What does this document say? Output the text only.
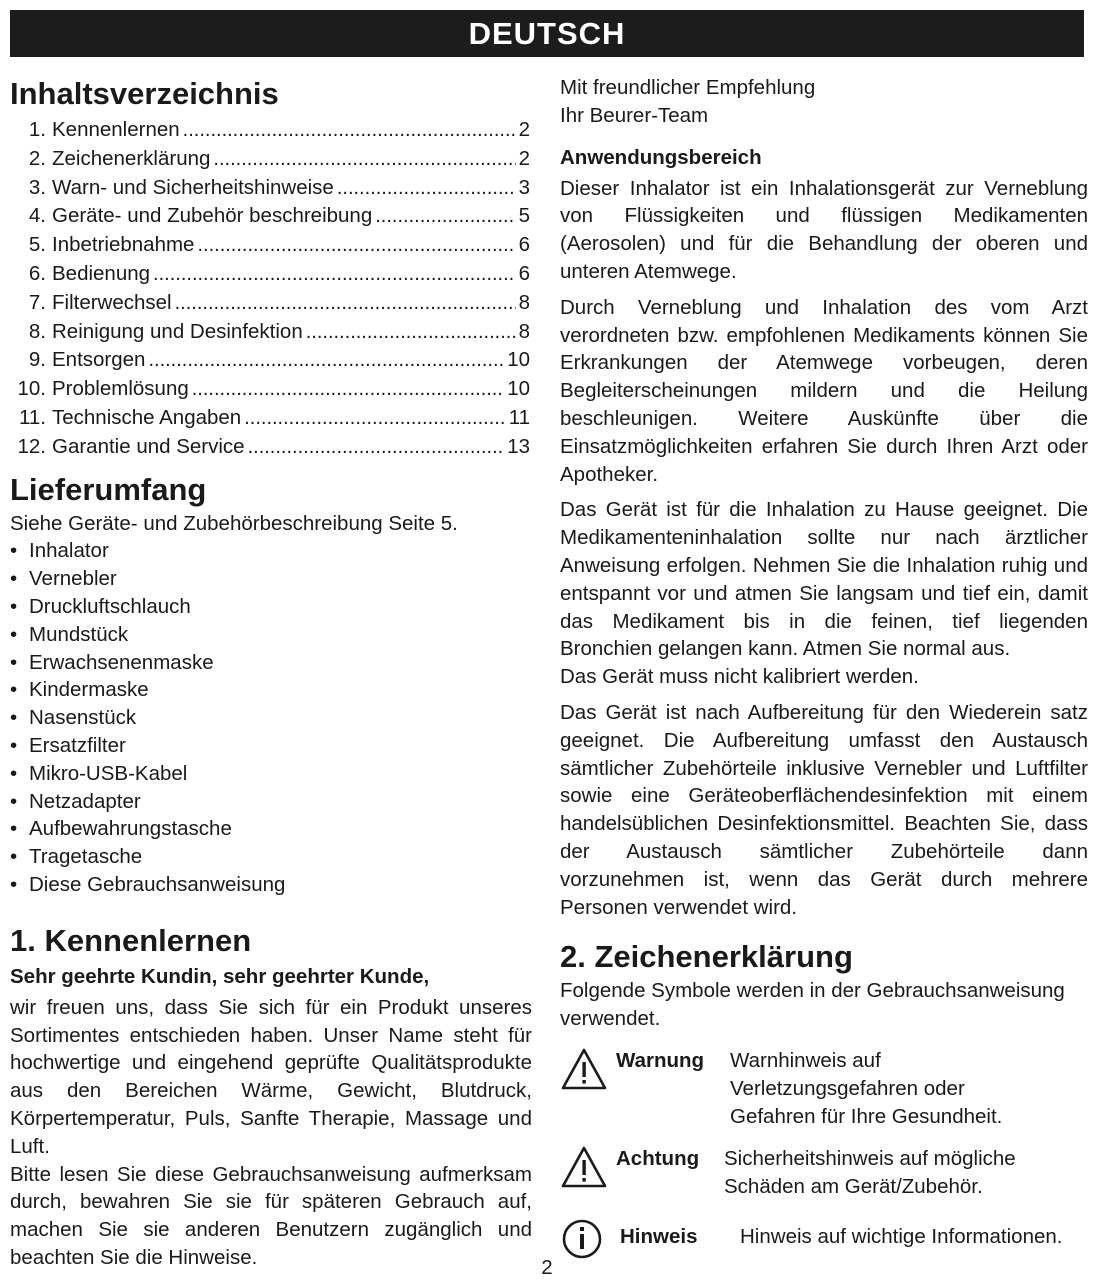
DEUTSCH
Inhaltsverzeichnis
1. Kennenlernen .....	2
2. Zeichenerklärung .....	2
3. Warn- und Sicherheitshinweise .....	3
4. Geräte- und Zubehör beschreibung .....	5
5. Inbetriebnahme .....	6
6. Bedienung .....	6
7. Filterwechsel .....	8
8. Reinigung und Desinfektion .....	8
9. Entsorgen .....	10
10. Problemlösung .....	10
11. Technische Angaben .....	11
12. Garantie und Service .....	13
Lieferumfang

Siehe Geräte- und Zubehörbeschreibung Seite 5.

• Inhalator
• Vernebler
• Druckluftschlauch
• Mundstück
• Erwachsenenmaske
• Kindermaske
• Nasenstück
• Ersatzfilter
• Mikro-USB-Kabel
• Netzadapter
• Aufbewahrungstasche
• Tragetasche
• Diese Gebrauchsanweisung
1. Kennenlernen
Sehr geehrte Kundin, sehr geehrter Kunde,

wir freuen uns, dass Sie sich für ein Produkt unseres Sortimentes entschieden haben. Unser Name steht für hochwertige und eingehend geprüfte Qualitätsprodukte aus den Bereichen Wärme, Gewicht, Blutdruck, Körpertemperatur, Puls, Sanfte Therapie, Massage und Luft.

Bitte lesen Sie diese Gebrauchsanweisung aufmerksam durch, bewahren Sie sie für späteren Gebrauch auf, machen Sie sie anderen Benutzern zugänglich und beachten Sie die Hinweise.

Mit freundlicher Empfehlung

Ihr Beurer-Team

Anwendungsbereich

Dieser Inhalator ist ein Inhalationsgerät zur Verneblung von Flüssigkeiten und flüssigen Medikamenten (Aerosolen) und für die Behandlung der oberen und unteren Atemwege.

Durch Verneblung und Inhalation des vom Arzt verordneten bzw. empfohlenen Medikaments können Sie Erkrankungen der Atemwege vorbeugen, deren Begleiterscheinungen mildern und die Heilung beschleunigen. Weitere Auskünfte über die Einsatzmöglichkeiten erfahren Sie durch Ihren Arzt oder Apotheker.

Das Gerät ist für die Inhalation zu Hause geeignet. Die Medikamenteninhalation sollte nur nach ärztlicher Anweisung erfolgen. Nehmen Sie die Inhalation ruhig und entspannt vor und atmen Sie langsam und tief ein, damit das Medikament bis in die feinen, tief liegenden Bronchien gelangen kann. Atmen Sie normal aus.

Das Gerät muss nicht kalibriert werden.

Das Gerät ist nach Aufbereitung für den Wiederein satz geeignet. Die Aufbereitung umfasst den Austausch sämtlicher Zubehörteile inklusive Vernebler und Luftfilter sowie eine Geräteoberflächendesinfektion mit einem handelsüblichen Desinfektionsmittel. Beachten Sie, dass der Austausch sämtlicher Zubehörteile dann vorzunehmen ist, wenn das Gerät durch mehrere Personen verwendet wird.

2. Zeichenerklärung

Folgende Symbole werden in der Gebrauchsanweisung verwendet.

Warnung	Warnhinweis auf Verletzungsgefahren oder Gefahren für Ihre Gesundheit.
Achtung	Sicherheitshinweis auf mögliche Schäden am Gerät/Zubehör.
Hinweis	Hinweis auf wichtige Informationen.
2
